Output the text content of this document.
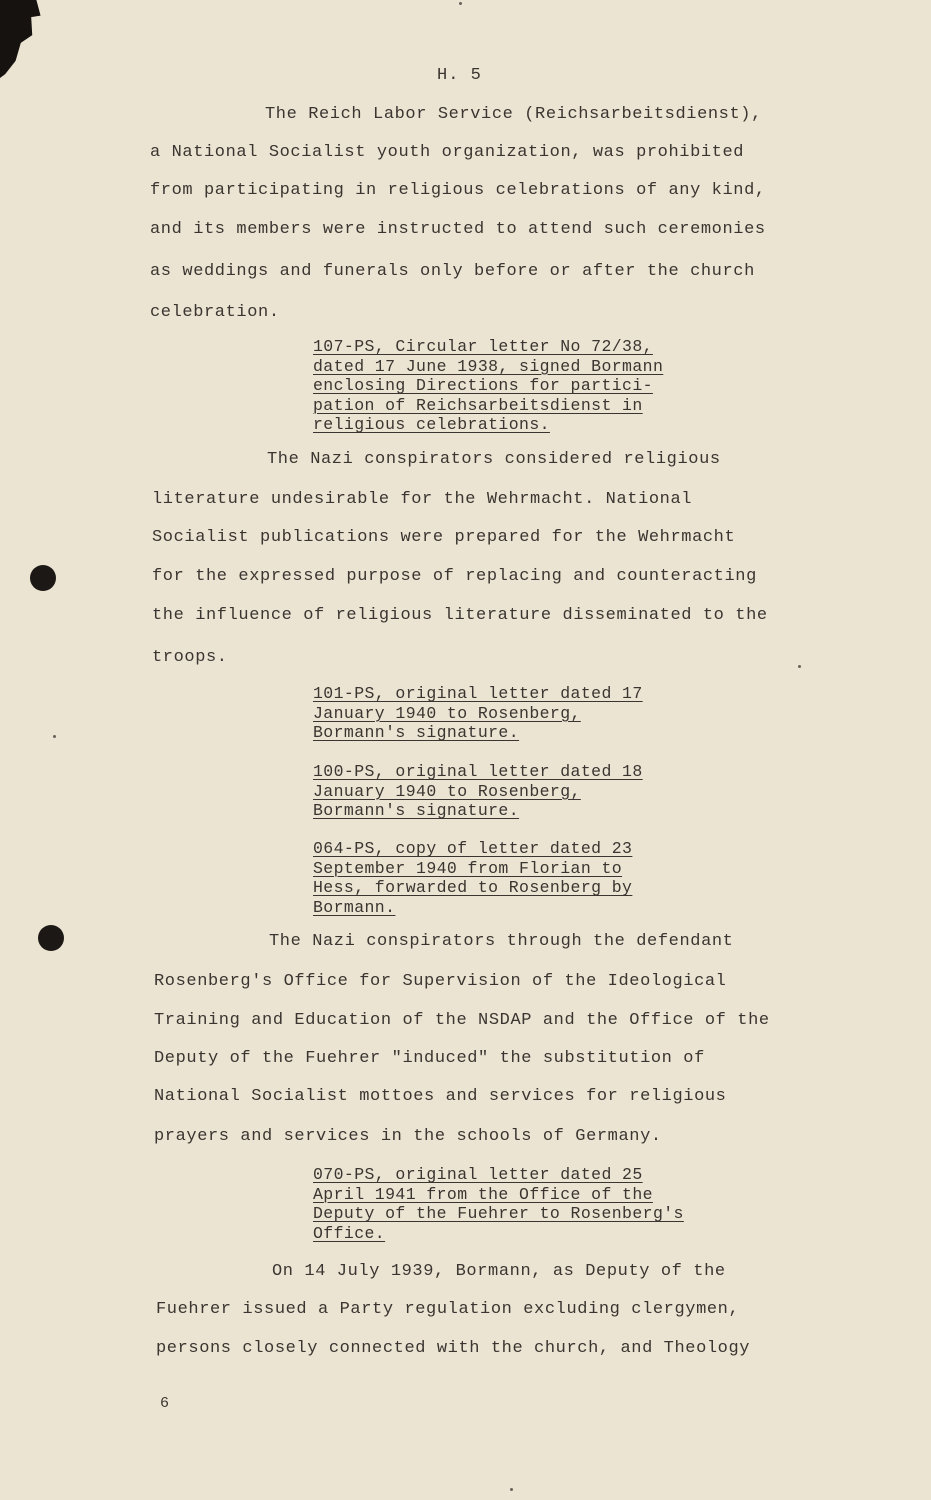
H. 5
The Reich Labor Service (Reichsarbeitsdienst),
a National Socialist youth organization, was prohibited
from participating in religious celebrations of any kind,
and its members were instructed to attend such ceremonies
as weddings and funerals only before or after the church
celebration.
107-PS, Circular letter No 72/38,
dated 17 June 1938, signed Bormann
enclosing Directions for partici-
pation of Reichsarbeitsdienst in
religious celebrations.
The Nazi conspirators considered religious
literature undesirable for the Wehrmacht. National
Socialist publications were prepared for the Wehrmacht
for the expressed purpose of replacing and counteracting
the influence of religious literature disseminated to the
troops.
101-PS, original letter dated 17
January 1940 to Rosenberg,
Bormann's signature.
100-PS, original letter dated 18
January 1940 to Rosenberg,
Bormann's signature.
064-PS, copy of letter dated 23
September 1940 from Florian to
Hess, forwarded to Rosenberg by
Bormann.
The Nazi conspirators through the defendant
Rosenberg's Office for Supervision of the Ideological
Training and Education of the NSDAP and the Office of the
Deputy of the Fuehrer "induced" the substitution of
National Socialist mottoes and services for religious
prayers and services in the schools of Germany.
070-PS, original letter dated 25
April 1941 from the Office of the
Deputy of the Fuehrer to Rosenberg's
Office.
On 14 July 1939, Bormann, as Deputy of the
Fuehrer issued a Party regulation excluding clergymen,
persons closely connected with the church, and Theology
6
